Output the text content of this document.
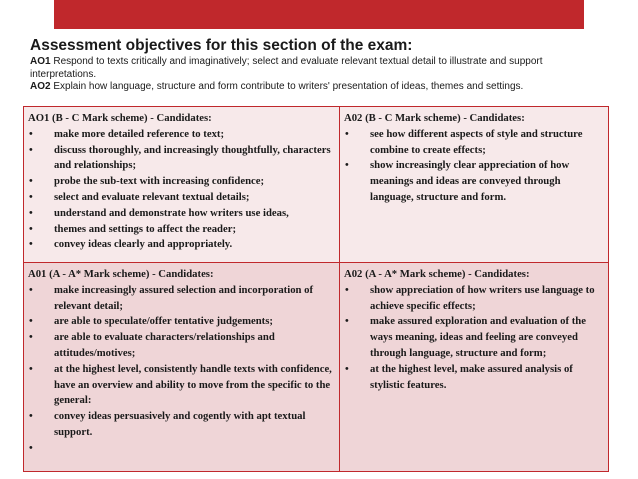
Assessment objectives for this section of the exam:
AO1 Respond to texts critically and imaginatively; select and evaluate relevant textual detail to illustrate and support interpretations.
AO2 Explain how language, structure and form contribute to writers' presentation of ideas, themes and settings.
AO1 (B - C Mark scheme) - Candidates:
• make more detailed reference to text;
• discuss thoroughly, and increasingly thoughtfully, characters and relationships;
• probe the sub-text with increasing confidence;
• select and evaluate relevant textual details;
• understand and demonstrate how writers use ideas,
• themes and settings to affect the reader;
• convey ideas clearly and appropriately.
A02 (B - C Mark scheme) - Candidates:
• see how different aspects of style and structure combine to create effects;
• show increasingly clear appreciation of how meanings and ideas are conveyed through language, structure and form.
A01 (A - A* Mark scheme) - Candidates:
• make increasingly assured selection and incorporation of relevant detail;
• are able to speculate/offer tentative judgements;
• are able to evaluate characters/relationships and attitudes/motives;
• at the highest level, consistently handle texts with confidence, have an overview and ability to move from the specific to the general:
• convey ideas persuasively and cogently with apt textual support.
•
A02 (A - A* Mark scheme) - Candidates:
• show appreciation of how writers use language to achieve specific effects;
• make assured exploration and evaluation of the ways meaning, ideas and feeling are conveyed through language, structure and form;
• at the highest level, make assured analysis of stylistic features.
